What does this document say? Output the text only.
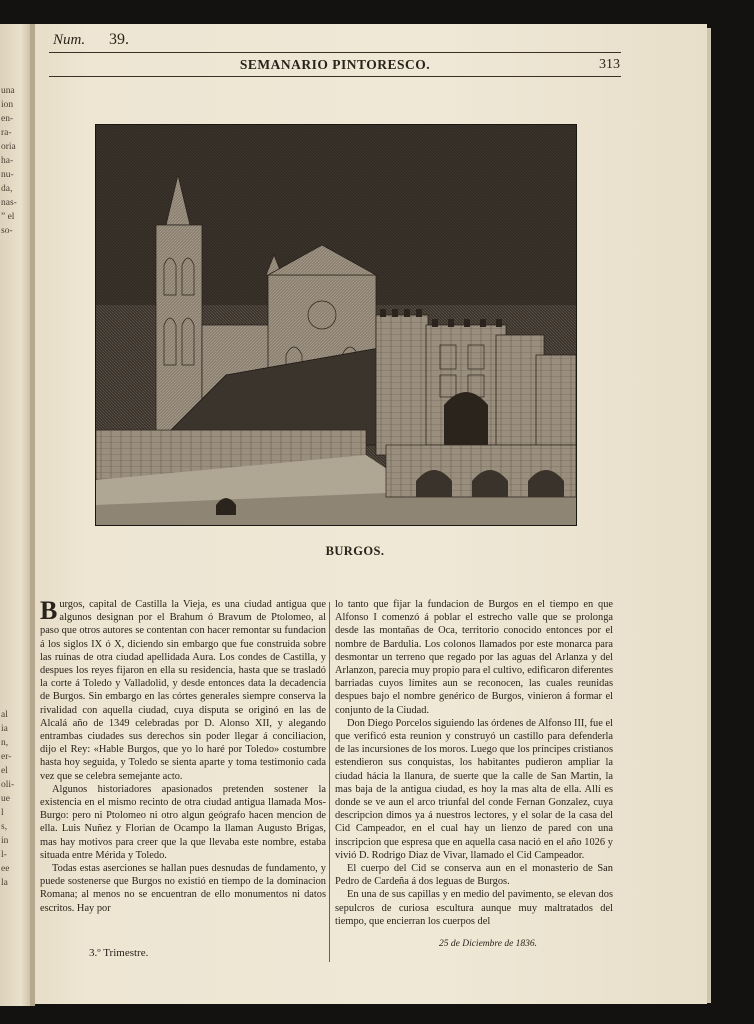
una
ion
en-
ra-
oria
ha-
nu-
da,
nas-
” el
so-
al
ia
n,
er-
el
oli-
ue
l
s,
in
l-
ee
la
Num. 39.
SEMANARIO PINTORESCO.	313
BURGOS.

Burgos, capital de Castilla la Vieja, es una ciudad antigua que algunos designan por el Brahum ó Bravum de Ptolomeo, al paso que otros autores se contentan con hacer remontar su fundacion á los siglos IX ó X, diciendo sin embargo que fue construida sobre las ruinas de otra ciudad apellidada Aura. Los condes de Castilla, y despues los reyes fijaron en ella su residencia, hasta que se trasladó la corte á Toledo y Valladolid, y desde entonces data la decadencia de Burgos. Sin embargo en las córtes generales siempre conserva la rivalidad con aquella ciudad, cuya disputa se originó en las de Alcalá año de 1349 celebradas por D. Alonso XII, y alegando entrambas ciudades sus derechos sin poder llegar á conciliacion, dijo el Rey: «Hable Burgos, que yo lo haré por Toledo» costumbre hasta hoy seguida, y Toledo se sienta aparte y toma testimonio cada vez que se celebra semejante acto.

Algunos historiadores apasionados pretenden sostener la existencia en el mismo recinto de otra ciudad antigua llamada Mos-Burgo: pero ni Ptolomeo ni otro algun geógrafo hacen mencion de ella. Luis Nuñez y Florian de Ocampo la llaman Augusto Brigas, mas hay motivos para creer que la que llevaba este nombre, estaba situada entre Mérida y Toledo.

Todas estas aserciones se hallan pues desnudas de fundamento, y puede sostenerse que Burgos no existió en tiempo de la dominacion Romana; al menos no se encuentran de ello monumentos ni datos escritos. Hay por

lo tanto que fijar la fundacion de Burgos en el tiempo en que Alfonso I comenzó á poblar el estrecho valle que se prolonga desde las montañas de Oca, territorio conocido entonces por el nombre de Bardulia. Los colonos llamados por este monarca para desmontar un terreno que regado por las aguas del Arlanza y del Arlanzon, parecia muy propio para el cultivo, edificaron diferentes barriadas cuyos límites aun se reconocen, las cuales reunidas despues bajo el nombre genérico de Burgos, vinieron á formar el conjunto de la Ciudad.

Don Diego Porcelos siguiendo las órdenes de Alfonso III, fue el que verificó esta reunion y construyó un castillo para defenderla de las incursiones de los moros. Luego que los príncipes cristianos estendieron sus conquistas, los habitantes pudieron ampliar la ciudad hácia la llanura, de suerte que la calle de San Martin, la mas baja de la antigua ciudad, es hoy la mas alta de ella. Allí es donde se ve aun el arco triunfal del conde Fernan Gonzalez, cuya descripcion dimos ya á nuestros lectores, y el solar de la casa del Cid Campeador, en el cual hay un lienzo de pared con una inscripcion que espresa que en aquella casa nació en el año 1026 y vivió D. Rodrigo Diaz de Vivar, llamado el Cid Campeador.

El cuerpo del Cid se conserva aun en el monasterio de San Pedro de Cardeña á dos leguas de Burgos.

En una de sus capillas y en medio del pavimento, se elevan dos sepulcros de curiosa escultura aunque muy maltratados del tiempo, que encierran los cuerpos del

3.º Trimestre.
25 de Diciembre de 1836.
